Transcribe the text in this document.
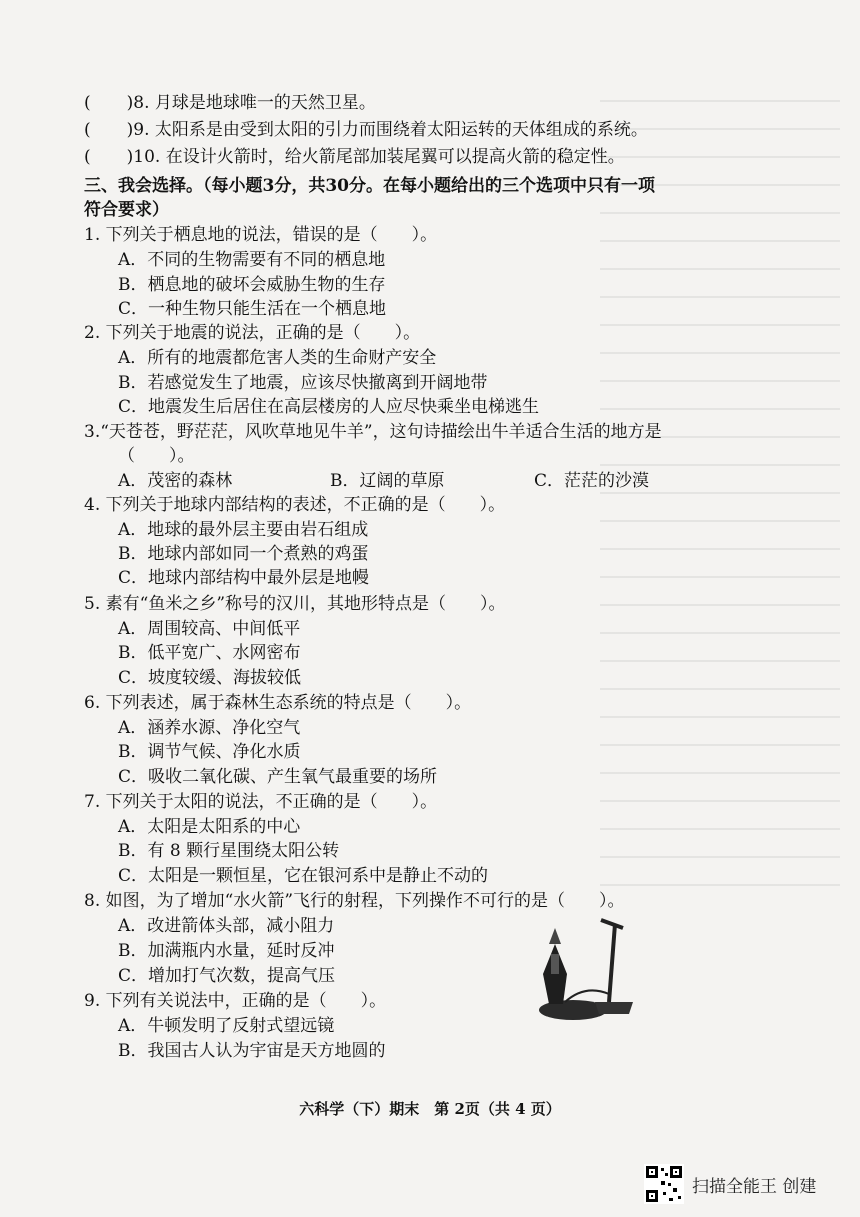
( )8. 月球是地球唯一的天然卫星。
( )9. 太阳系是由受到太阳的引力而围绕着太阳运转的天体组成的系统。
( )10. 在设计火箭时，给火箭尾部加装尾翼可以提高火箭的稳定性。
三、我会选择。（每小题3分，共30分。在每小题给出的三个选项中只有一项
符合要求）
1. 下列关于栖息地的说法，错误的是（　　）。
A．不同的生物需要有不同的栖息地
B．栖息地的破坏会威胁生物的生存
C．一种生物只能生活在一个栖息地
2. 下列关于地震的说法，正确的是（　　）。
A．所有的地震都危害人类的生命财产安全
B．若感觉发生了地震，应该尽快撤离到开阔地带
C．地震发生后居住在高层楼房的人应尽快乘坐电梯逃生
3.“天苍苍，野茫茫，风吹草地见牛羊”，这句诗描绘出牛羊适合生活的地方是
（　　）。
A．茂密的森林	B．辽阔的草原	C．茫茫的沙漠
4. 下列关于地球内部结构的表述，不正确的是（　　）。
A．地球的最外层主要由岩石组成
B．地球内部如同一个煮熟的鸡蛋
C．地球内部结构中最外层是地幔
5. 素有“鱼米之乡”称号的汉川，其地形特点是（　　）。
A．周围较高、中间低平
B．低平宽广、水网密布
C．坡度较缓、海拔较低
6. 下列表述，属于森林生态系统的特点是（　　）。
A．涵养水源、净化空气
B．调节气候、净化水质
C．吸收二氧化碳、产生氧气最重要的场所
7. 下列关于太阳的说法，不正确的是（　　）。
A．太阳是太阳系的中心
B．有 8 颗行星围绕太阳公转
C．太阳是一颗恒星，它在银河系中是静止不动的
8. 如图，为了增加“水火箭”飞行的射程，下列操作不可行的是（　　）。
A．改进箭体头部，减小阻力
B．加满瓶内水量，延时反冲
C．增加打气次数，提高气压
9. 下列有关说法中，正确的是（　　）。
A．牛顿发明了反射式望远镜
B．我国古人认为宇宙是天方地圆的
六科学（下）期末　第 2页（共 4 页）
扫描全能王 创建
